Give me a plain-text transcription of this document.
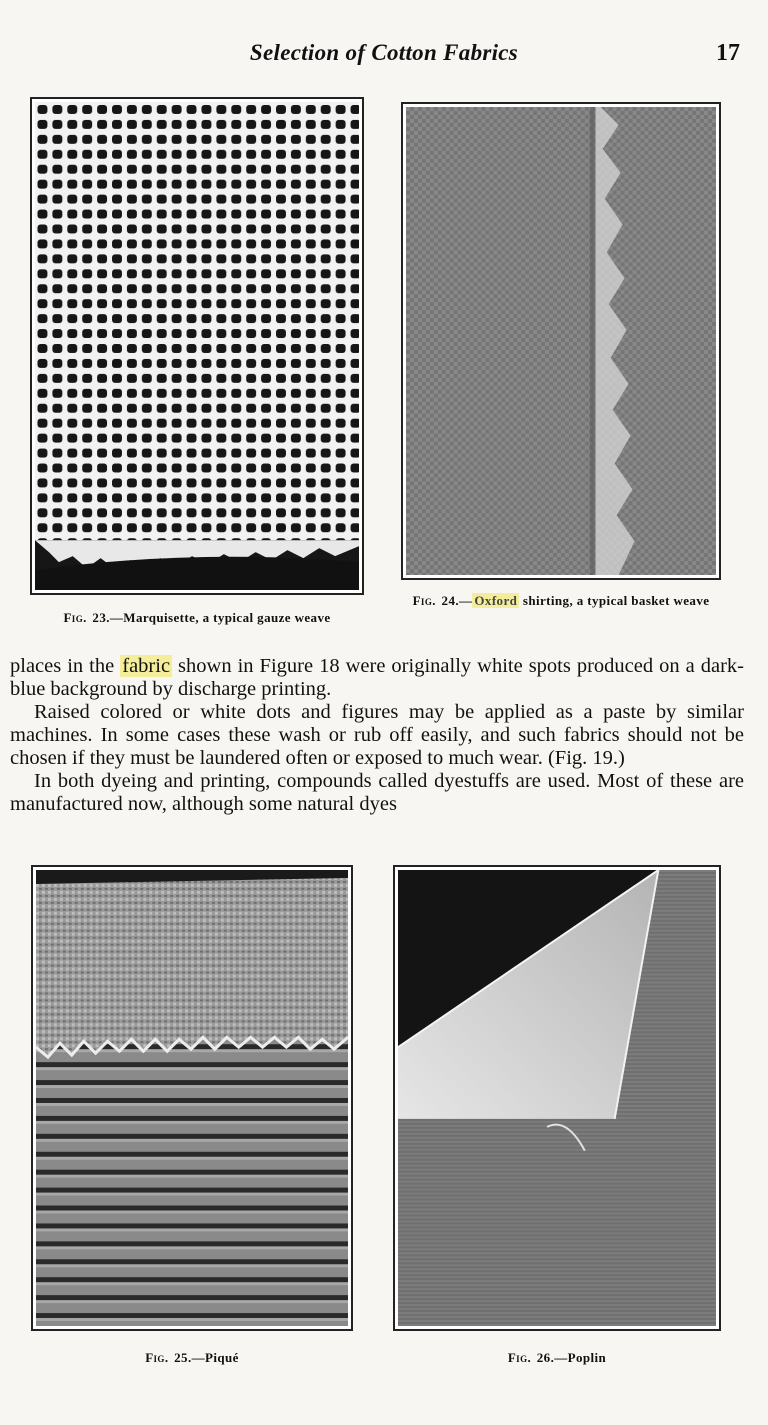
Selection of Cotton Fabrics	17
Fig. 23.—Marquisette, a typical gauze weave
Fig. 24.— Oxford shirting, a typical basket weave

places in the fabric shown in Figure 18 were originally white spots produced on a dark-blue background by discharge printing.

Raised colored or white dots and figures may be applied as a paste by similar machines. In some cases these wash or rub off easily, and such fabrics should not be chosen if they must be laundered often or exposed to much wear. (Fig. 19.)

In both dyeing and printing, compounds called dyestuffs are used. Most of these are manufactured now, although some natural dyes

Fig. 25.—Piqué	Fig. 26.—Poplin
